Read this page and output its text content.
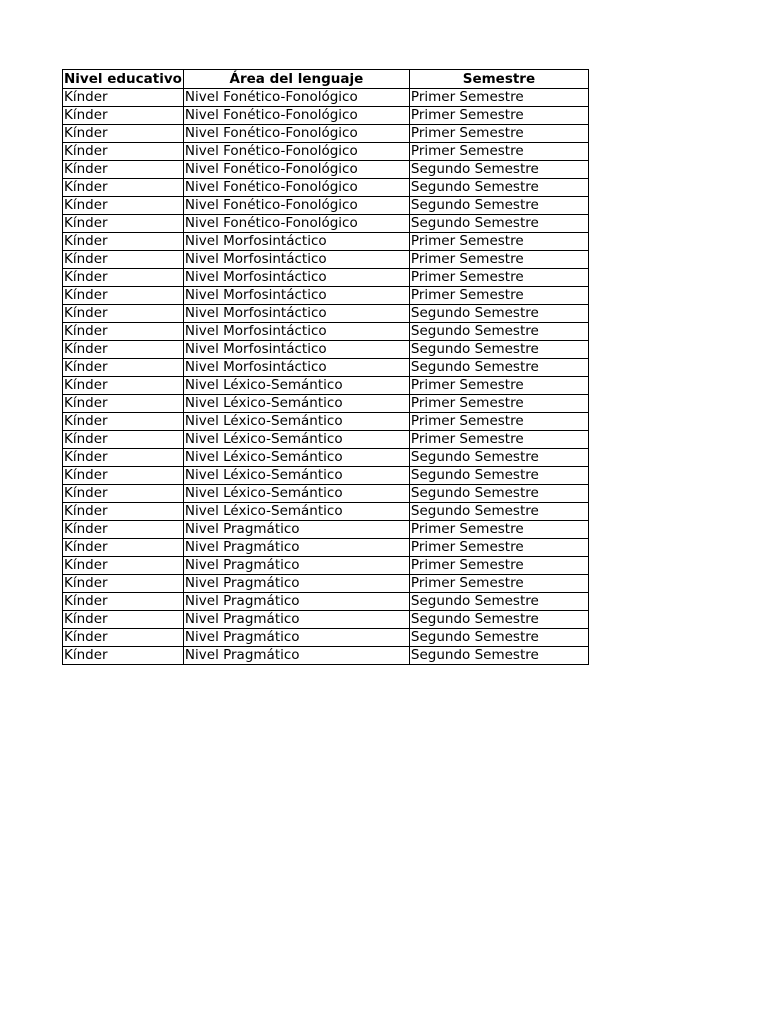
Nivel educativo	Área del lenguaje	Semestre
Kínder	Nivel Fonético-Fonológico	Primer Semestre
Kínder	Nivel Fonético-Fonológico	Primer Semestre
Kínder	Nivel Fonético-Fonológico	Primer Semestre
Kínder	Nivel Fonético-Fonológico	Primer Semestre
Kínder	Nivel Fonético-Fonológico	Segundo Semestre
Kínder	Nivel Fonético-Fonológico	Segundo Semestre
Kínder	Nivel Fonético-Fonológico	Segundo Semestre
Kínder	Nivel Fonético-Fonológico	Segundo Semestre
Kínder	Nivel Morfosintáctico	Primer Semestre
Kínder	Nivel Morfosintáctico	Primer Semestre
Kínder	Nivel Morfosintáctico	Primer Semestre
Kínder	Nivel Morfosintáctico	Primer Semestre
Kínder	Nivel Morfosintáctico	Segundo Semestre
Kínder	Nivel Morfosintáctico	Segundo Semestre
Kínder	Nivel Morfosintáctico	Segundo Semestre
Kínder	Nivel Morfosintáctico	Segundo Semestre
Kínder	Nivel Léxico-Semántico	Primer Semestre
Kínder	Nivel Léxico-Semántico	Primer Semestre
Kínder	Nivel Léxico-Semántico	Primer Semestre
Kínder	Nivel Léxico-Semántico	Primer Semestre
Kínder	Nivel Léxico-Semántico	Segundo Semestre
Kínder	Nivel Léxico-Semántico	Segundo Semestre
Kínder	Nivel Léxico-Semántico	Segundo Semestre
Kínder	Nivel Léxico-Semántico	Segundo Semestre
Kínder	Nivel Pragmático	Primer Semestre
Kínder	Nivel Pragmático	Primer Semestre
Kínder	Nivel Pragmático	Primer Semestre
Kínder	Nivel Pragmático	Primer Semestre
Kínder	Nivel Pragmático	Segundo Semestre
Kínder	Nivel Pragmático	Segundo Semestre
Kínder	Nivel Pragmático	Segundo Semestre
Kínder	Nivel Pragmático	Segundo Semestre
